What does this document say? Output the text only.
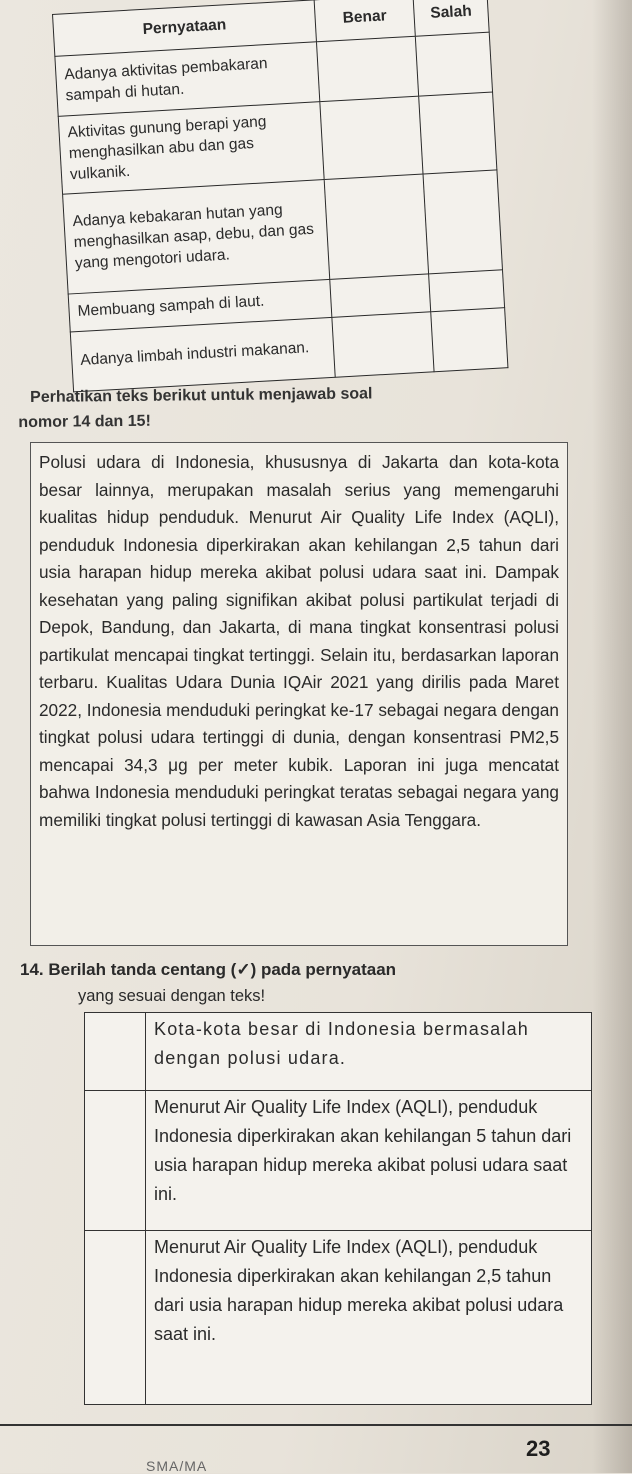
Pernyataan	Benar	Salah
Adanya aktivitas pembakaran sampah di hutan.		
Aktivitas gunung berapi yang menghasilkan abu dan gas vulkanik.		
Adanya kebakaran hutan yang menghasilkan asap, debu, dan gas yang mengotori udara.		
Membuang sampah di laut.		
Adanya limbah industri makanan.		
Perhatikan teks berikut untuk menjawab soal
nomor 14 dan 15!
Polusi udara di Indonesia, khususnya di Jakarta dan kota-kota besar lainnya, merupakan masalah serius yang memengaruhi kualitas hidup penduduk. Menurut Air Quality Life Index (AQLI), penduduk Indonesia diperkirakan akan kehilangan 2,5 tahun dari usia harapan hidup mereka akibat polusi udara saat ini. Dampak kesehatan yang paling signifikan akibat polusi partikulat terjadi di Depok, Bandung, dan Jakarta, di mana tingkat konsentrasi polusi partikulat mencapai tingkat tertinggi. Selain itu, berdasarkan laporan terbaru. Kualitas Udara Dunia IQAir 2021 yang dirilis pada Maret 2022, Indonesia menduduki peringkat ke-17 sebagai negara dengan tingkat polusi udara tertinggi di dunia, dengan konsentrasi PM2,5 mencapai 34,3 μg per meter kubik. Laporan ini juga mencatat bahwa Indonesia menduduki peringkat teratas sebagai negara yang memiliki tingkat polusi tertinggi di kawasan Asia Tenggara.
14. Berilah tanda centang (✓) pada pernyataan
yang sesuai dengan teks!
	Kota-kota besar di Indonesia bermasalah dengan polusi udara.
	Menurut Air Quality Life Index (AQLI), penduduk Indonesia diperkirakan akan kehilangan 5 tahun dari usia harapan hidup mereka akibat polusi udara saat ini.
	Menurut Air Quality Life Index (AQLI), penduduk Indonesia diperkirakan akan kehilangan 2,5 tahun dari usia harapan hidup mereka akibat polusi udara saat ini.
SMA/MA
23
